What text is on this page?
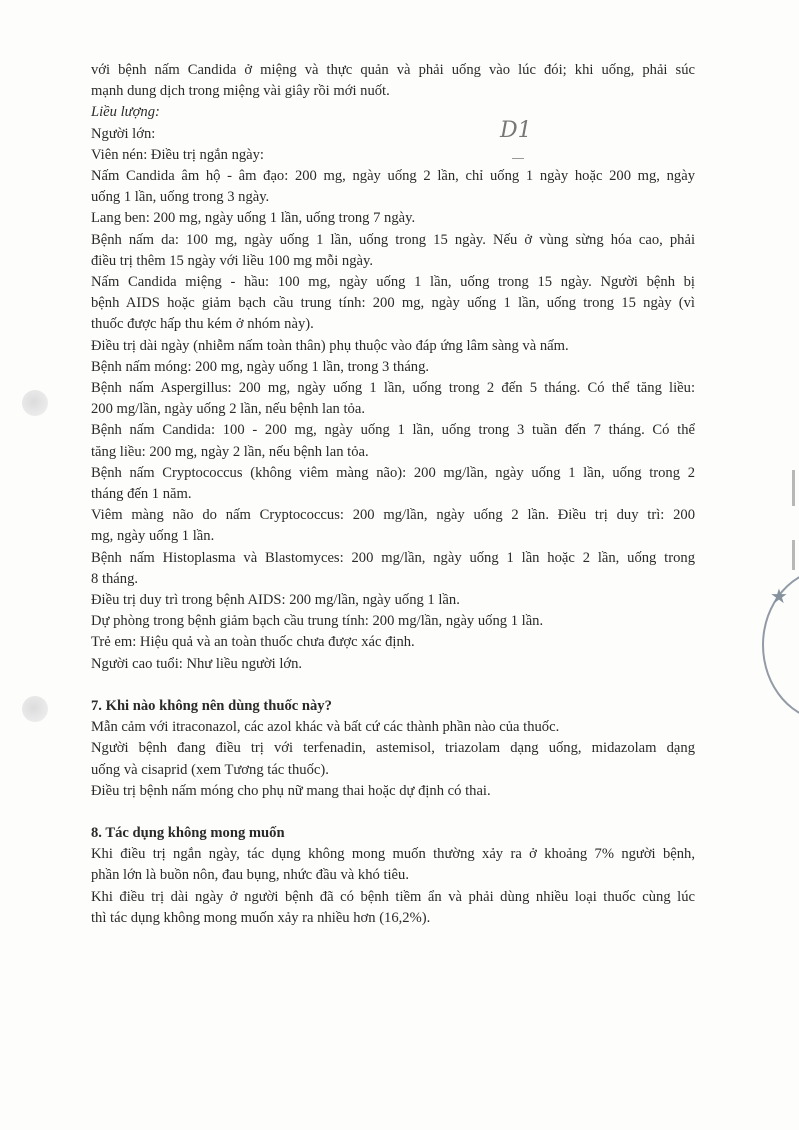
D1
★
với bệnh nấm Candida ở miệng và thực quản và phải uống vào lúc đói; khi uống, phải súc
mạnh dung dịch trong miệng vài giây rồi mới nuốt.
Liều lượng:
Người lớn:
Viên nén: Điều trị ngắn ngày:
Nấm Candida âm hộ - âm đạo: 200 mg, ngày uống 2 lần, chỉ uống 1 ngày hoặc 200 mg, ngày
uống 1 lần, uống trong 3 ngày.
Lang ben: 200 mg, ngày uống 1 lần, uống trong 7 ngày.
Bệnh nấm da: 100 mg, ngày uống 1 lần, uống trong 15 ngày. Nếu ở vùng sừng hóa cao, phải
điều trị thêm 15 ngày với liều 100 mg mỗi ngày.
Nấm Candida miệng - hầu: 100 mg, ngày uống 1 lần, uống trong 15 ngày. Người bệnh bị
bệnh AIDS hoặc giảm bạch cầu trung tính: 200 mg, ngày uống 1 lần, uống trong 15 ngày (vì
thuốc được hấp thu kém ở nhóm này).
Điều trị dài ngày (nhiễm nấm toàn thân) phụ thuộc vào đáp ứng lâm sàng và nấm.
Bệnh nấm móng: 200 mg, ngày uống 1 lần, trong 3 tháng.
Bệnh nấm Aspergillus: 200 mg, ngày uống 1 lần, uống trong 2 đến 5 tháng. Có thể tăng liều:
200 mg/lần, ngày uống 2 lần, nếu bệnh lan tỏa.
Bệnh nấm Candida: 100 - 200 mg, ngày uống 1 lần, uống trong 3 tuần đến 7 tháng. Có thể
tăng liều: 200 mg, ngày 2 lần, nếu bệnh lan tỏa.
Bệnh nấm Cryptococcus (không viêm màng não): 200 mg/lần, ngày uống 1 lần, uống trong 2
tháng đến 1 năm.
Viêm màng não do nấm Cryptococcus: 200 mg/lần, ngày uống 2 lần. Điều trị duy trì: 200
mg, ngày uống 1 lần.
Bệnh nấm Histoplasma và Blastomyces: 200 mg/lần, ngày uống 1 lần hoặc 2 lần, uống trong
8 tháng.
Điều trị duy trì trong bệnh AIDS: 200 mg/lần, ngày uống 1 lần.
Dự phòng trong bệnh giảm bạch cầu trung tính: 200 mg/lần, ngày uống 1 lần.
Trẻ em: Hiệu quả và an toàn thuốc chưa được xác định.
Người cao tuổi: Như liều người lớn.
7. Khi nào không nên dùng thuốc này?
Mẫn cảm với itraconazol, các azol khác và bất cứ các thành phần nào của thuốc.
Người bệnh đang điều trị với terfenadin, astemisol, triazolam dạng uống, midazolam dạng
uống và cisaprid (xem Tương tác thuốc).
Điều trị bệnh nấm móng cho phụ nữ mang thai hoặc dự định có thai.
8. Tác dụng không mong muốn
Khi điều trị ngắn ngày, tác dụng không mong muốn thường xảy ra ở khoảng 7% người bệnh,
phần lớn là buồn nôn, đau bụng, nhức đầu và khó tiêu.
Khi điều trị dài ngày ở người bệnh đã có bệnh tiềm ẩn và phải dùng nhiều loại thuốc cùng lúc
thì tác dụng không mong muốn xảy ra nhiều hơn (16,2%).
